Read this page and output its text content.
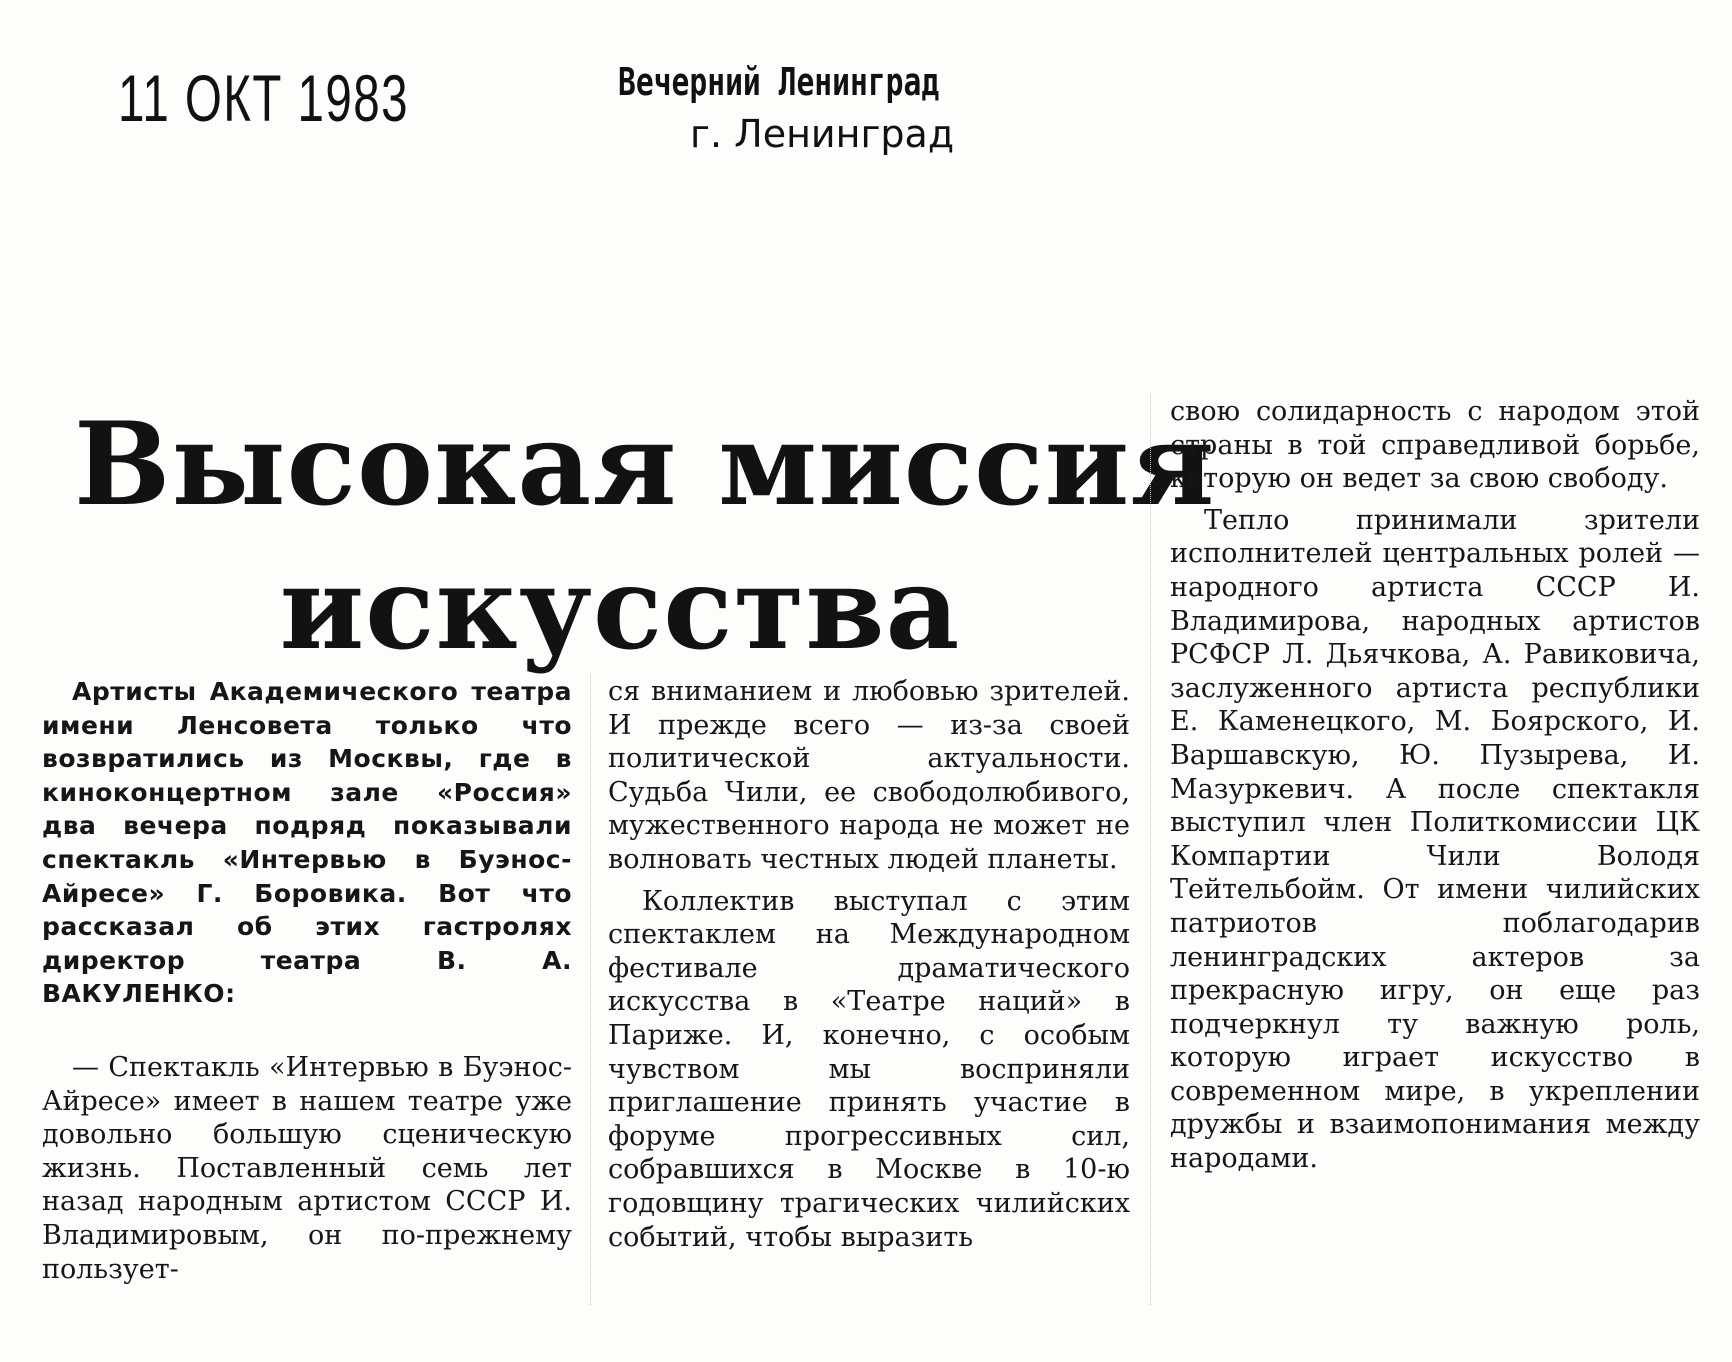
11 ОКТ 1983	Вечерний Ленинград
г. Ленинград
Высокая миссия
искусства

Артисты Академического театра имени Ленсовета только что возвратились из Москвы, где в киноконцертном зале «Россия» два вечера подряд показывали спектакль «Интервью в Буэнос-Айресе» Г. Боровика. Вот что рассказал об этих гастролях директор театра В. А. ВАКУЛЕНКО:

— Спектакль «Интервью в Буэнос-Айресе» имеет в нашем театре уже довольно большую сценическую жизнь. Поставленный семь лет назад народным артистом СССР И. Владимировым, он по-прежнему пользует-

ся вниманием и любовью зрителей. И прежде всего — из-за своей политической актуальности. Судьба Чили, ее свободолюбивого, мужественного народа не может не волновать честных людей планеты.

Коллектив выступал с этим спектаклем на Международном фестивале драматического искусства в «Театре наций» в Париже. И, конечно, с особым чувством мы восприняли приглашение принять участие в форуме прогрессивных сил, собравшихся в Москве в 10-ю годовщину трагических чилийских событий, чтобы выразить

свою солидарность с народом этой страны в той справедливой борьбе, которую он ведет за свою свободу.

Тепло принимали зрители исполнителей центральных ролей — народного артиста СССР И. Владимирова, народных артистов РСФСР Л. Дьячкова, А. Равиковича, заслуженного артиста республики Е. Каменецкого, М. Боярского, И. Варшавскую, Ю. Пузырева, И. Мазуркевич. А после спектакля выступил член Политкомиссии ЦК Компартии Чили Володя Тейтельбойм. От имени чилийских патриотов поблагодарив ленинградских актеров за прекрасную игру, он еще раз подчеркнул ту важную роль, которую играет искусство в современном мире, в укреплении дружбы и взаимопонимания между народами.
